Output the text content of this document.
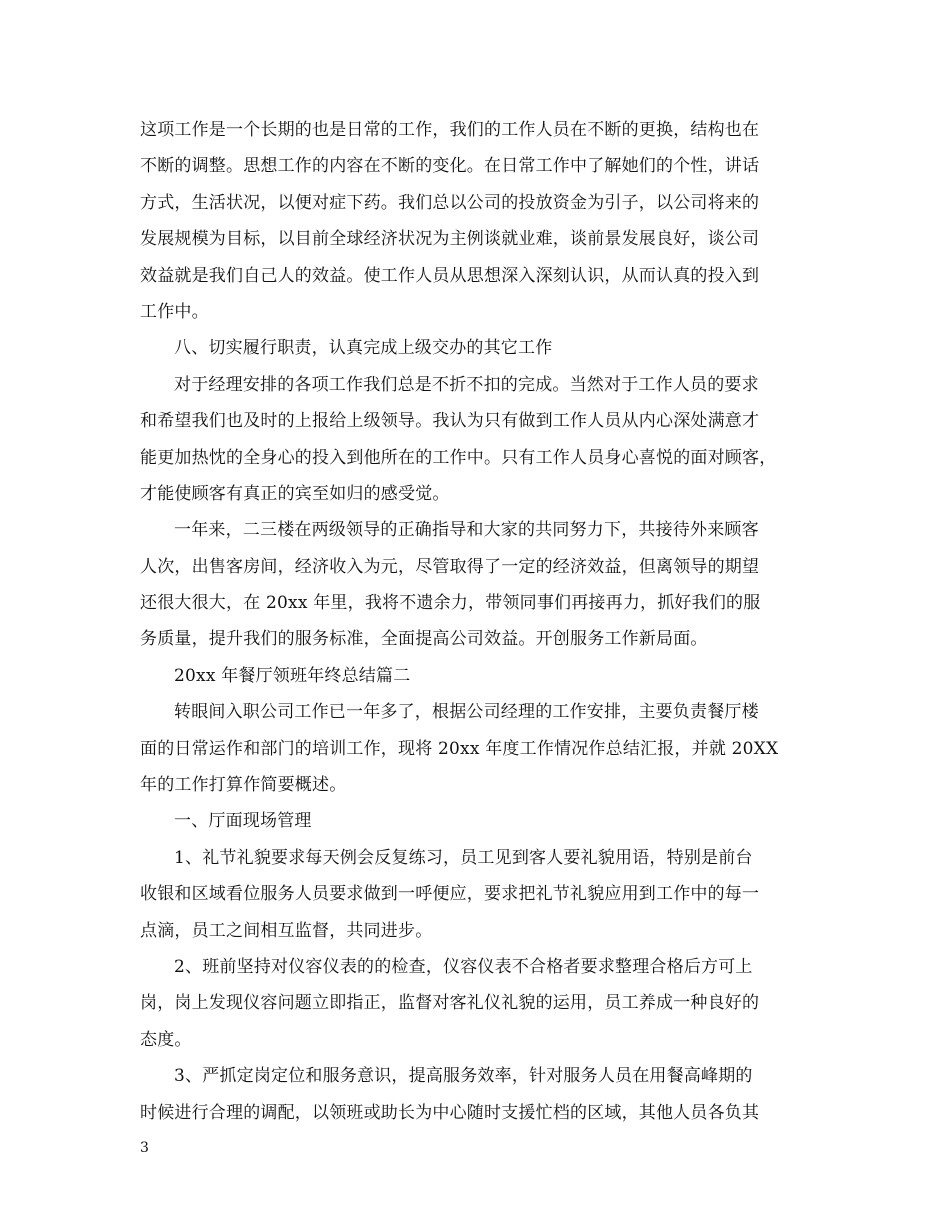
这项工作是一个长期的也是日常的工作，我们的工作人员在不断的更换，结构也在
不断的调整。思想工作的内容在不断的变化。在日常工作中了解她们的个性，讲话
方式，生活状况，以便对症下药。我们总以公司的投放资金为引子，以公司将来的
发展规模为目标，以目前全球经济状况为主例谈就业难，谈前景发展良好，谈公司
效益就是我们自己人的效益。使工作人员从思想深入深刻认识，从而认真的投入到
工作中。
八、切实履行职责，认真完成上级交办的其它工作
对于经理安排的各项工作我们总是不折不扣的完成。当然对于工作人员的要求
和希望我们也及时的上报给上级领导。我认为只有做到工作人员从内心深处满意才
能更加热忱的全身心的投入到他所在的工作中。只有工作人员身心喜悦的面对顾客，
才能使顾客有真正的宾至如归的感受觉。
一年来，二三楼在两级领导的正确指导和大家的共同努力下，共接待外来顾客
人次，出售客房间，经济收入为元，尽管取得了一定的经济效益，但离领导的期望
还很大很大，在 20xx 年里，我将不遗余力，带领同事们再接再力，抓好我们的服
务质量，提升我们的服务标准，全面提高公司效益。开创服务工作新局面。
20xx 年餐厅领班年终总结篇二
转眼间入职公司工作已一年多了，根据公司经理的工作安排，主要负责餐厅楼
面的日常运作和部门的培训工作，现将 20xx 年度工作情况作总结汇报，并就 20XX
年的工作打算作简要概述。
一、厅面现场管理
1、礼节礼貌要求每天例会反复练习，员工见到客人要礼貌用语，特别是前台
收银和区域看位服务人员要求做到一呼便应，要求把礼节礼貌应用到工作中的每一
点滴，员工之间相互监督，共同进步。
2、班前坚持对仪容仪表的的检查，仪容仪表不合格者要求整理合格后方可上
岗，岗上发现仪容问题立即指正，监督对客礼仪礼貌的运用，员工养成一种良好的
态度。
3、严抓定岗定位和服务意识，提高服务效率，针对服务人员在用餐高峰期的
时候进行合理的调配，以领班或助长为中心随时支援忙档的区域，其他人员各负其
3
